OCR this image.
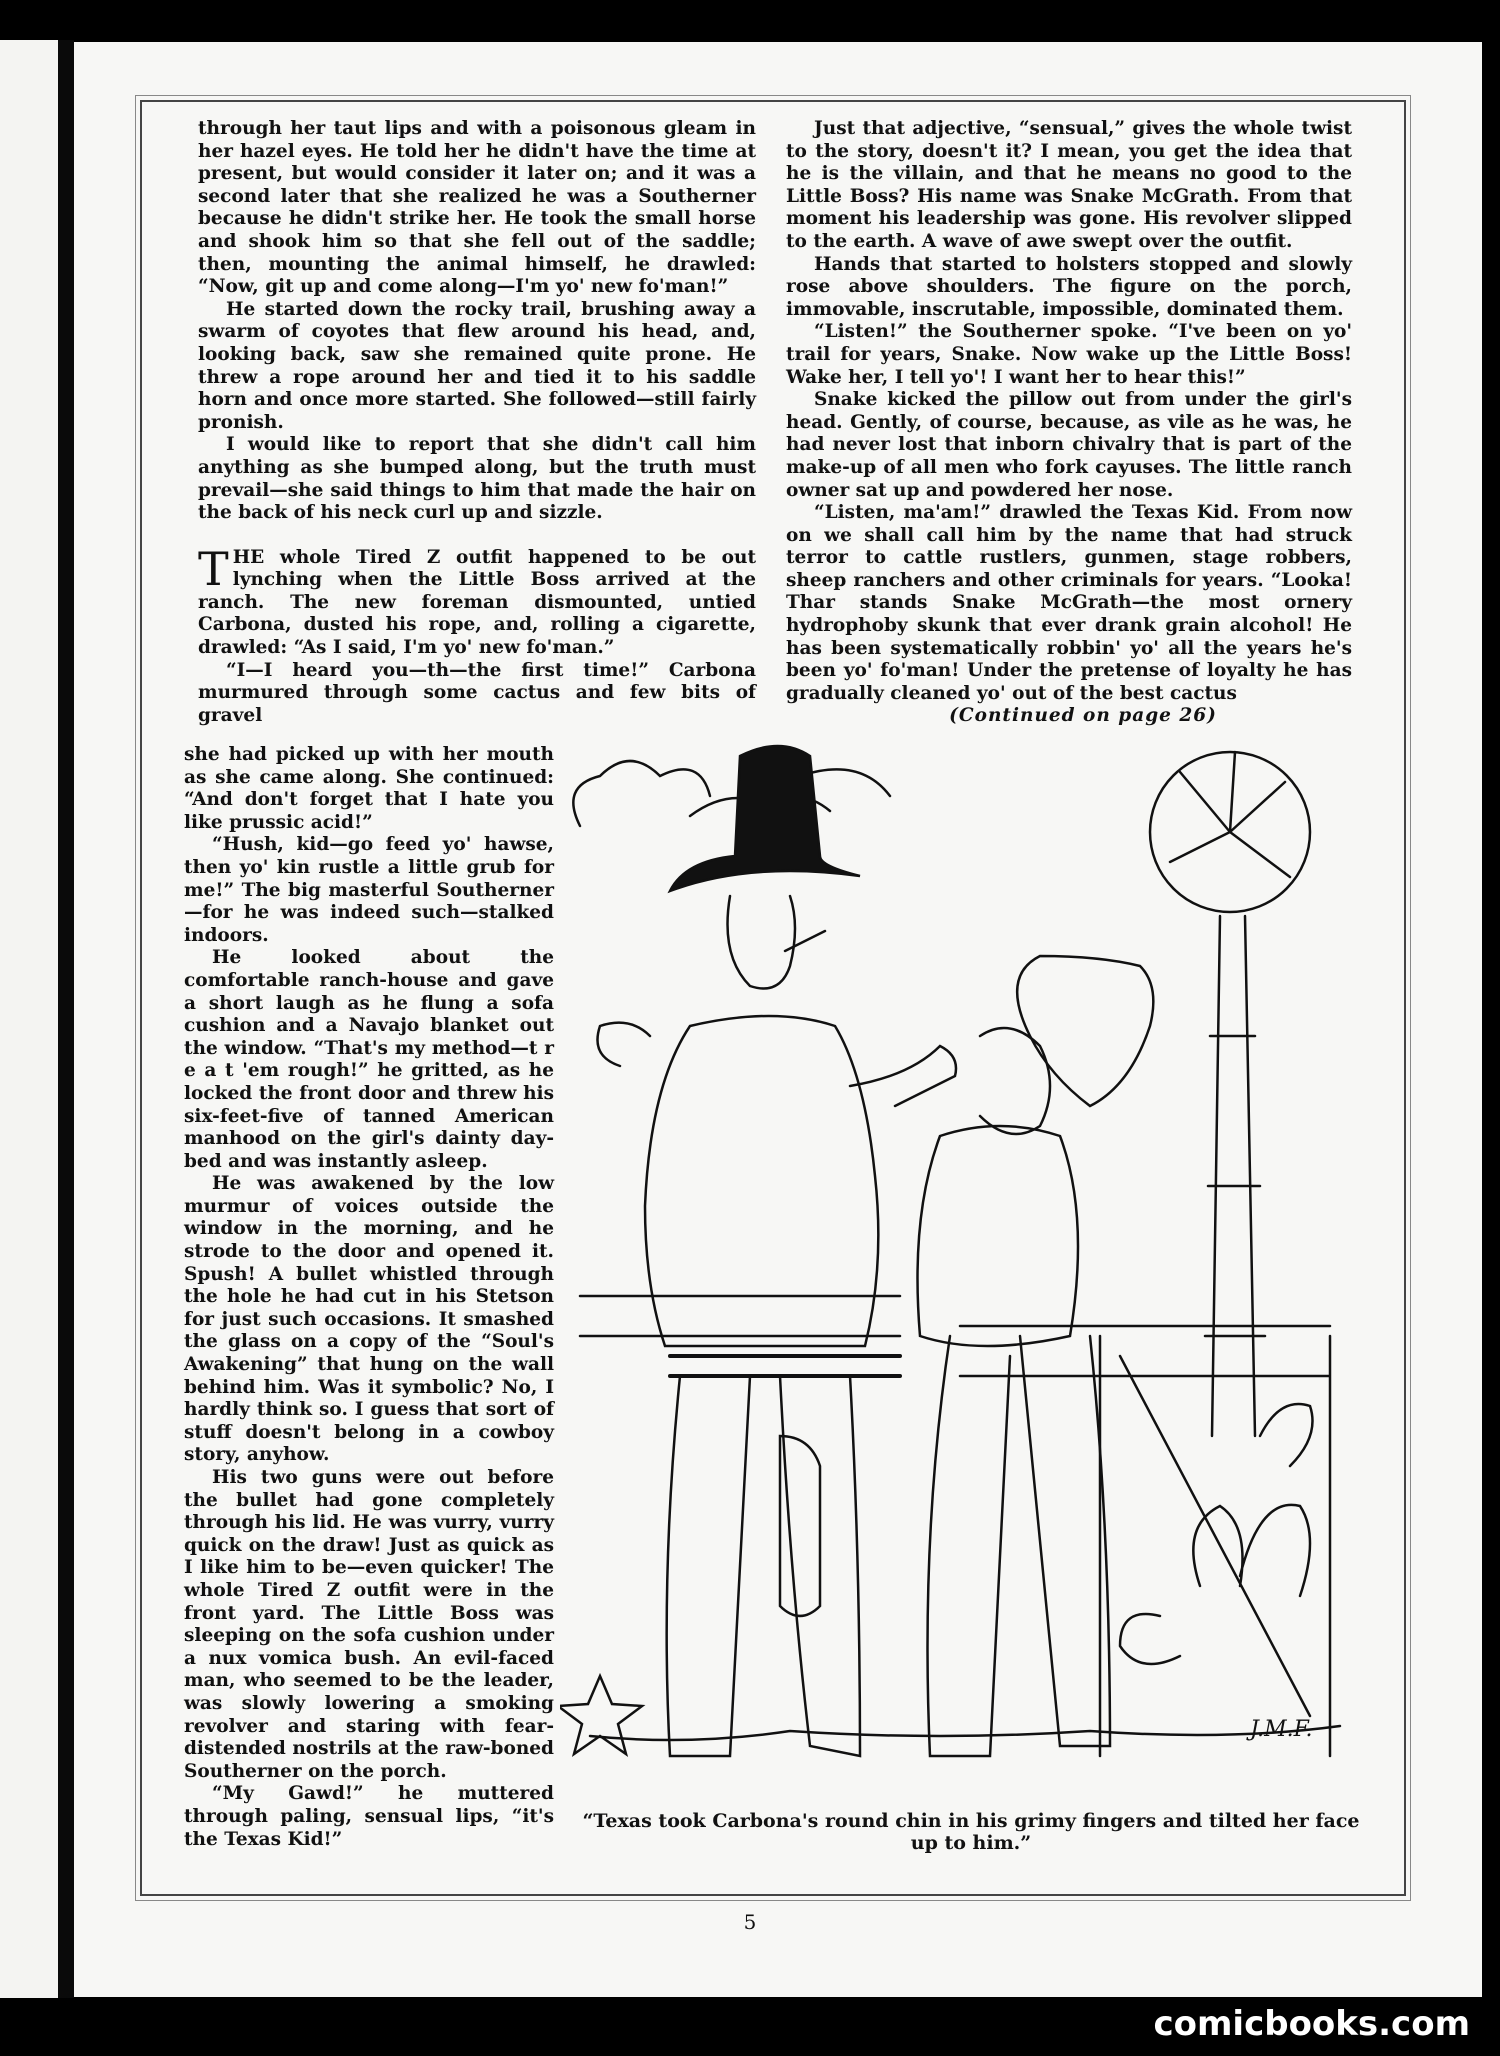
through her taut lips and with a poisonous gleam in her hazel eyes. He told her he didn't have the time at present, but would consider it later on; and it was a second later that she realized he was a Southerner because he didn't strike her. He took the small horse and shook him so that she fell out of the saddle; then, mounting the animal himself, he drawled: “Now, git up and come along—I'm yo' new fo'man!”

He started down the rocky trail, brushing away a swarm of coyotes that flew around his head, and, looking back, saw she remained quite prone. He threw a rope around her and tied it to his saddle horn and once more started. She followed—still fairly pronish.

I would like to report that she didn't call him anything as she bumped along, but the truth must prevail—she said things to him that made the hair on the back of his neck curl up and sizzle.

THE whole Tired Z outfit happened to be out lynching when the Little Boss arrived at the ranch. The new foreman dismounted, untied Carbona, dusted his rope, and, rolling a cigarette, drawled: “As I said, I'm yo' new fo'man.”

“I—I heard you—th—the first time!” Carbona murmured through some cactus and few bits of gravel

she had picked up with her mouth as she came along. She continued: “And don't forget that I hate you like prussic acid!”

“Hush, kid—go feed yo' hawse, then yo' kin rustle a little grub for me!” The big masterful Southerner—for he was indeed such—stalked indoors.

He looked about the comfortable ranch-house and gave a short laugh as he flung a sofa cushion and a Navajo blanket out the window. “That's my method—t r e a t 'em rough!” he gritted, as he locked the front door and threw his six-feet-five of tanned American manhood on the girl's dainty day-bed and was instantly asleep.

He was awakened by the low murmur of voices outside the window in the morning, and he strode to the door and opened it. Spush! A bullet whistled through the hole he had cut in his Stetson for just such occasions. It smashed the glass on a copy of the “Soul's Awakening” that hung on the wall behind him. Was it symbolic? No, I hardly think so. I guess that sort of stuff doesn't belong in a cowboy story, anyhow.

His two guns were out before the bullet had gone completely through his lid. He was vurry, vurry quick on the draw! Just as quick as I like him to be—even quicker! The whole Tired Z outfit were in the front yard. The Little Boss was sleeping on the sofa cushion under a nux vomica bush. An evil-faced man, who seemed to be the leader, was slowly lowering a smoking revolver and staring with fear-distended nostrils at the raw-boned Southerner on the porch.

“My Gawd!” he muttered through paling, sensual lips, “it's the Texas Kid!”

Just that adjective, “sensual,” gives the whole twist to the story, doesn't it? I mean, you get the idea that he is the villain, and that he means no good to the Little Boss? His name was Snake McGrath. From that moment his leadership was gone. His revolver slipped to the earth. A wave of awe swept over the outfit.

Hands that started to holsters stopped and slowly rose above shoulders. The figure on the porch, immovable, inscrutable, impossible, dominated them.

“Listen!” the Southerner spoke. “I've been on yo' trail for years, Snake. Now wake up the Little Boss! Wake her, I tell yo'! I want her to hear this!”

Snake kicked the pillow out from under the girl's head. Gently, of course, because, as vile as he was, he had never lost that inborn chivalry that is part of the make-up of all men who fork cayuses. The little ranch owner sat up and powdered her nose.

“Listen, ma'am!” drawled the Texas Kid. From now on we shall call him by the name that had struck terror to cattle rustlers, gunmen, stage robbers, sheep ranchers and other criminals for years. “Looka! Thar stands Snake McGrath—the most ornery hydrophoby skunk that ever drank grain alcohol! He has been systematically robbin' yo' all the years he's been yo' fo'man! Under the pretense of loyalty he has gradually cleaned yo' out of the best cactus

(Continued on page 26)

J.M.F.
“Texas took Carbona's round chin in his grimy fingers and tilted her face up to him.”
5
comicbooks.com
